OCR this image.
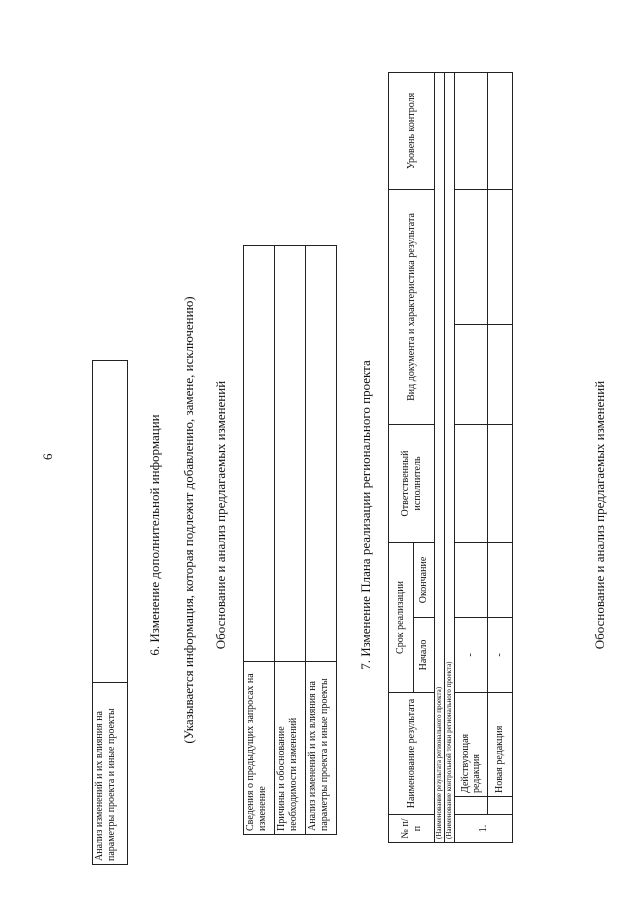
6
Анализ изменений и их влияния на параметры проекта и иные проекты	
6. Изменение дополнительной информации (Указывается информация, которая подлежит добавлению, замене, исключению) Обоснование и анализ предлагаемых изменений
Сведения о предыдущих запросах на изменение	
Причины и обоснование необходимости изменений	
Анализ изменений и их влияния на параметры проекта и иные проекты	
7. Изменение Плана реализации регионального проекта
№ п/п	Наименование результата		Срок реализации		Ответственный исполнитель	Вид документа и характеристика результата		Уровень контроля
			Начало	Окончание				
(Наименование результата регионального проекта)								
(Наименование контрольной точки регионального проекта)								
1.		Действующая редакция	-					
		Новая редакция	-					
Обоснование и анализ предлагаемых изменений
